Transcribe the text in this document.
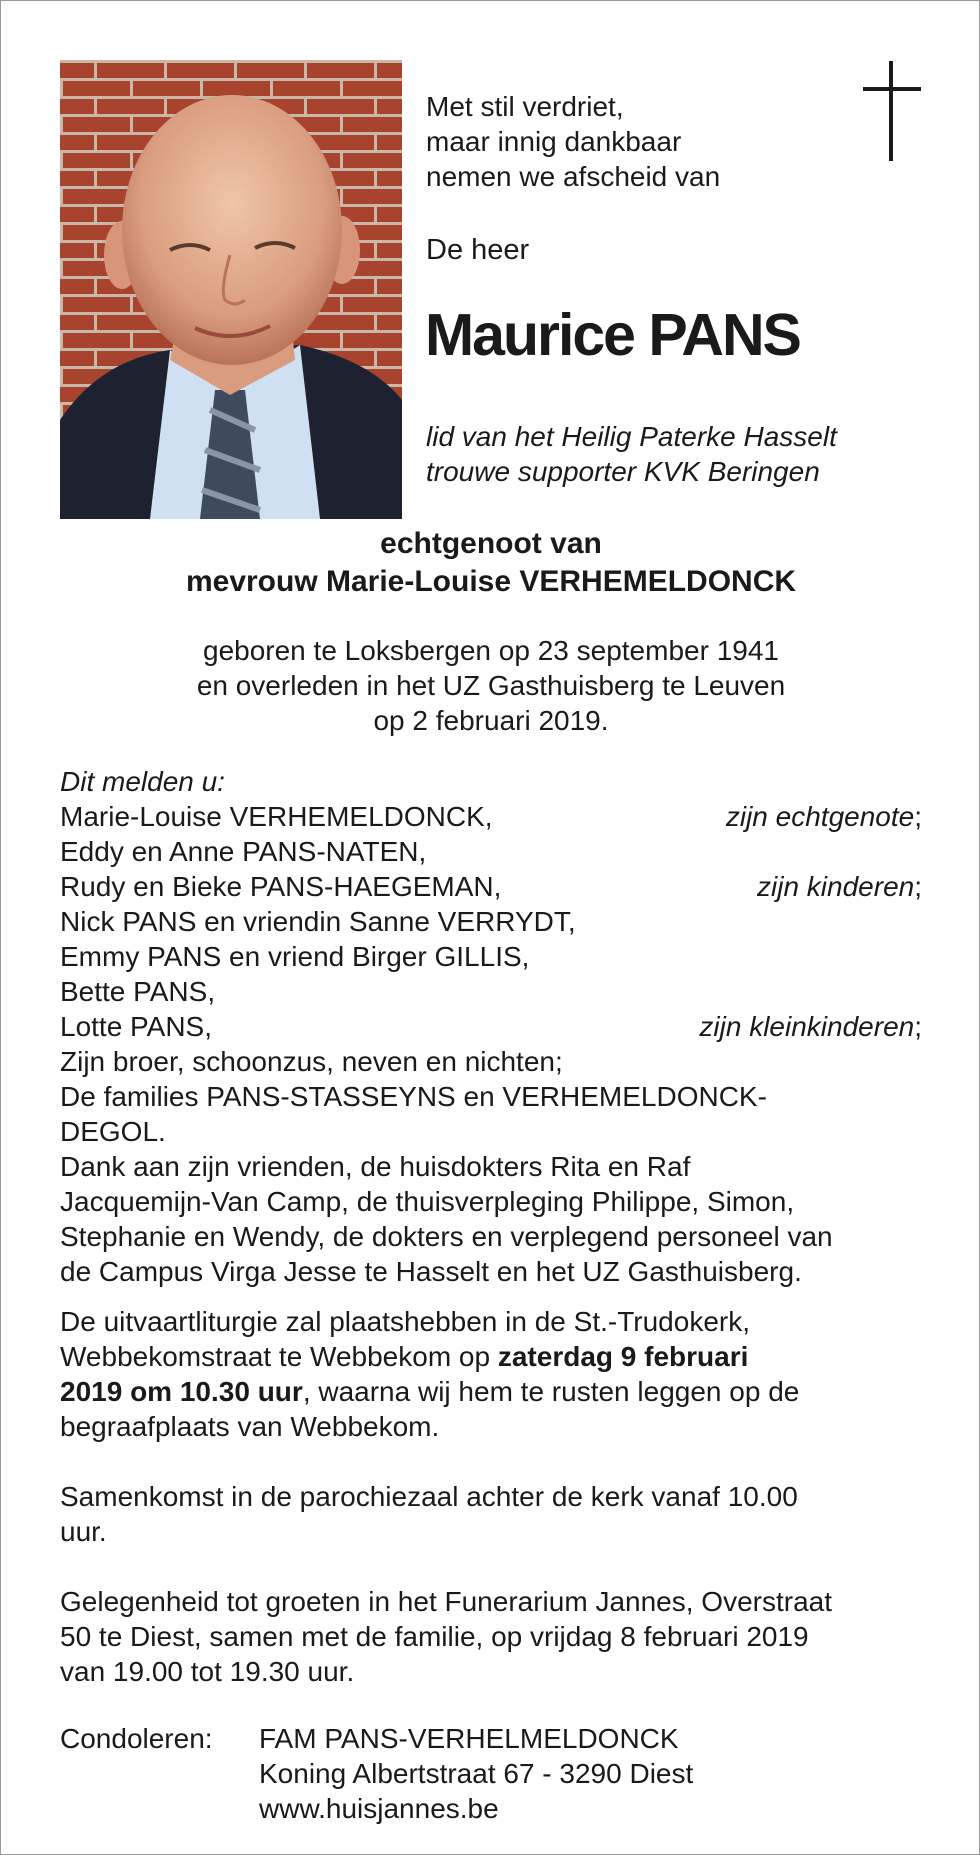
Met stil verdriet,
maar innig dankbaar
nemen we afscheid van
De heer
Maurice PANS
lid van het Heilig Paterke Hasselt
trouwe supporter KVK Beringen
echtgenoot van
mevrouw Marie-Louise VERHEMELDONCK
geboren te Loksbergen op 23 september 1941
en overleden in het UZ Gasthuisberg te Leuven
op 2 februari 2019.
Dit melden u:
Marie-Louise VERHEMELDONCK,	zijn echtgenote;
Eddy en Anne PANS-NATEN,
Rudy en Bieke PANS-HAEGEMAN,	zijn kinderen;
Nick PANS en vriendin Sanne VERRYDT,
Emmy PANS en vriend Birger GILLIS,
Bette PANS,
Lotte PANS,	zijn kleinkinderen;
Zijn broer, schoonzus, neven en nichten;
De families PANS-STASSEYNS en VERHEMELDONCK-
DEGOL.
Dank aan zijn vrienden, de huisdokters Rita en Raf
Jacquemijn-Van Camp, de thuisverpleging Philippe, Simon,
Stephanie en Wendy, de dokters en verplegend personeel van
de Campus Virga Jesse te Hasselt en het UZ Gasthuisberg.
De uitvaartliturgie zal plaatshebben in de St.-Trudokerk,
Webbekomstraat te Webbekom op zaterdag 9 februari
2019 om 10.30 uur, waarna wij hem te rusten leggen op de
begraafplaats van Webbekom.
Samenkomst in de parochiezaal achter de kerk vanaf 10.00
uur.
Gelegenheid tot groeten in het Funerarium Jannes, Overstraat
50 te Diest, samen met de familie, op vrijdag 8 februari 2019
van 19.00 tot 19.30 uur.
Condoleren: FAM PANS-VERHELMELDONCK
Koning Albertstraat 67 - 3290 Diest
www.huisjannes.be
